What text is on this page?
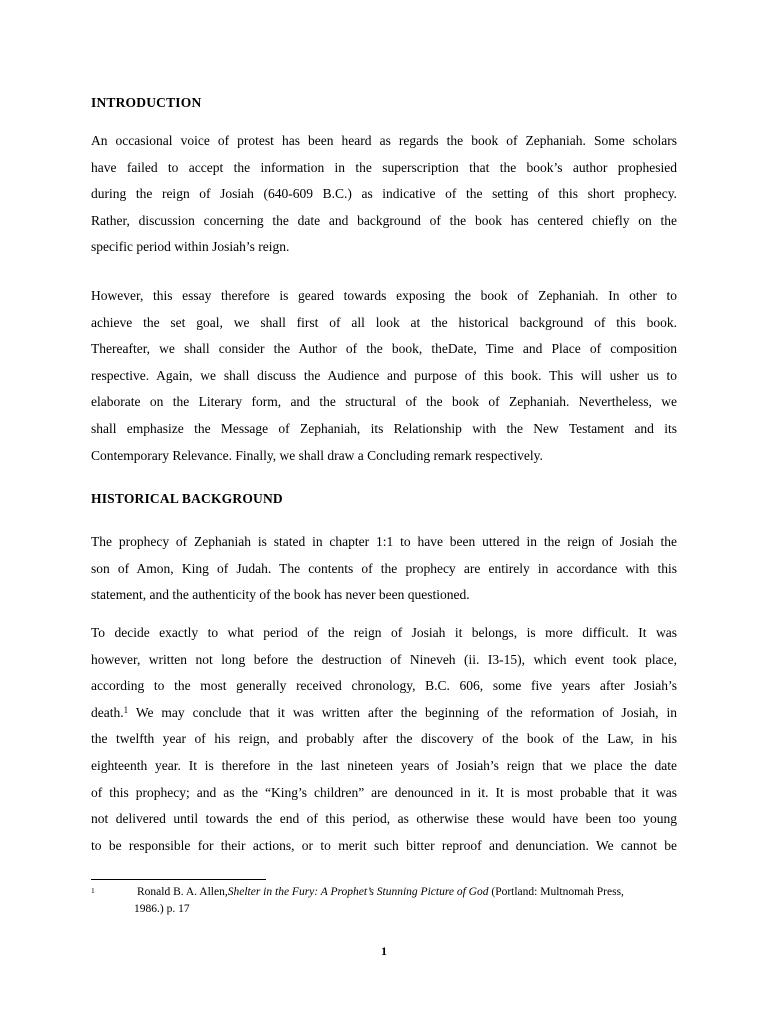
INTRODUCTION
An occasional voice of protest has been heard as regards the book of Zephaniah. Some scholars
have failed to accept the information in the superscription that the book’s author prophesied
during the reign of Josiah (640-609 B.C.) as indicative of the setting of this short prophecy.
Rather, discussion concerning the date and background of the book has centered chiefly on the
specific period within Josiah’s reign.
However, this essay therefore is geared towards exposing the book of Zephaniah. In other to
achieve the set goal, we shall first of all look at the historical background of this book.
Thereafter, we shall consider the Author of the book, theDate, Time and Place of composition
respective. Again, we shall discuss the Audience and purpose of this book. This will usher us to
elaborate on the Literary form, and the structural of the book of Zephaniah. Nevertheless, we
shall emphasize the Message of Zephaniah, its Relationship with the New Testament and its
Contemporary Relevance. Finally, we shall draw a Concluding remark respectively.
HISTORICAL BACKGROUND
The prophecy of Zephaniah is stated in chapter 1:1 to have been uttered in the reign of Josiah the
son of Amon, King of Judah. The contents of the prophecy are entirely in accordance with this
statement, and the authenticity of the book has never been questioned.
To decide exactly to what period of the reign of Josiah it belongs, is more difficult. It was
however, written not long before the destruction of Nineveh (ii. I3-15), which event took place,
according to the most generally received chronology, B.C. 606, some five years after Josiah’s
death.$^1$ We may conclude that it was written after the beginning of the reformation of Josiah, in
the twelfth year of his reign, and probably after the discovery of the book of the Law, in his
eighteenth year. It is therefore in the last nineteen years of Josiah’s reign that we place the date
of this prophecy; and as the “King’s children” are denounced in it. It is most probable that it was
not delivered until towards the end of this period, as otherwise these would have been too young
to be responsible for their actions, or to merit such bitter reproof and denunciation. We cannot be
1	Ronald B. A. Allen,Shelter in the Fury: A Prophet’s Stunning Picture of God (Portland: Multnomah Press,
1986.) p. 17
1
